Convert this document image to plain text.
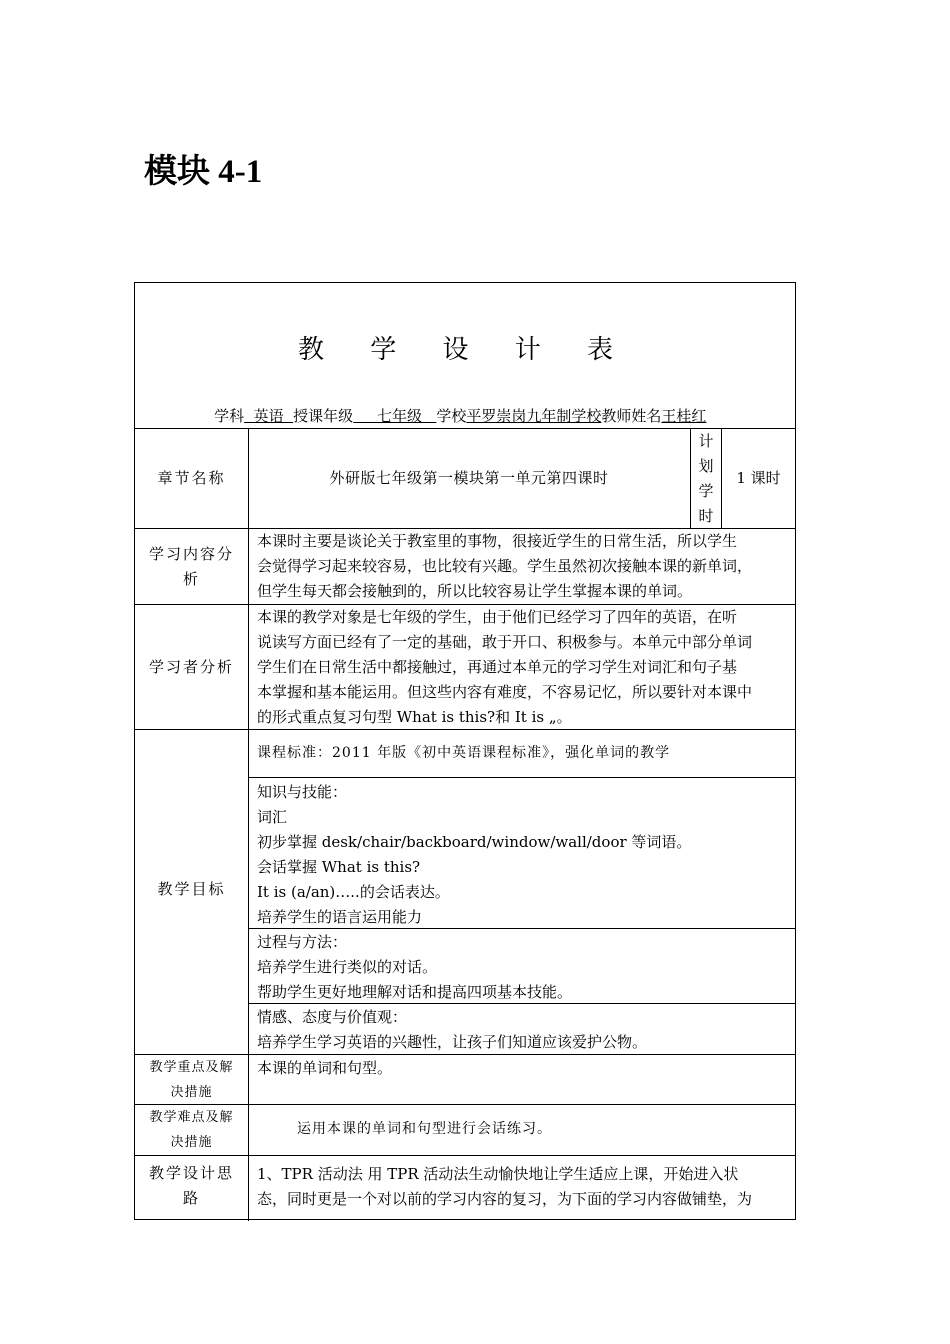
模块 4-1
教 学 设 计 表

学科  英语  授课年级     七年级   学校平罗崇岗九年制学校教师姓名王桂红

章节名称	外研版七年级第一模块第一单元第四课时
计
划
学
时
1 课时
学习内容分
析
本课时主要是谈论关于教室里的事物，很接近学生的日常生活，所以学生
会觉得学习起来较容易，也比较有兴趣。学生虽然初次接触本课的新单词，
但学生每天都会接触到的，所以比较容易让学生掌握本课的单词。
学习者分析
本课的教学对象是七年级的学生，由于他们已经学习了四年的英语，在听
说读写方面已经有了一定的基础，敢于开口、积极参与。本单元中部分单词
学生们在日常生活中都接触过，再通过本单元的学习学生对词汇和句子基
本掌握和基本能运用。但这些内容有难度，不容易记忆，所以要针对本课中
的形式重点复习句型 What is this?和 It is „。
教学目标
课程标准：2011 年版《初中英语课程标准》，强化单词的教学
知识与技能：
词汇
初步掌握 desk/chair/backboard/window/wall/door 等词语。
会话掌握 What is this?
It is (a/an)…..的会话表达。
培养学生的语言运用能力
过程与方法：
培养学生进行类似的对话。
帮助学生更好地理解对话和提高四项基本技能。
情感、态度与价值观：
培养学生学习英语的兴趣性，让孩子们知道应该爱护公物。
教学重点及解
决措施
本课的单词和句型。
教学难点及解
决措施
运用本课的单词和句型进行会话练习。
教学设计思
路
1、TPR 活动法 用 TPR 活动法生动愉快地让学生适应上课，开始进入状
态，同时更是一个对以前的学习内容的复习，为下面的学习内容做铺垫，为
